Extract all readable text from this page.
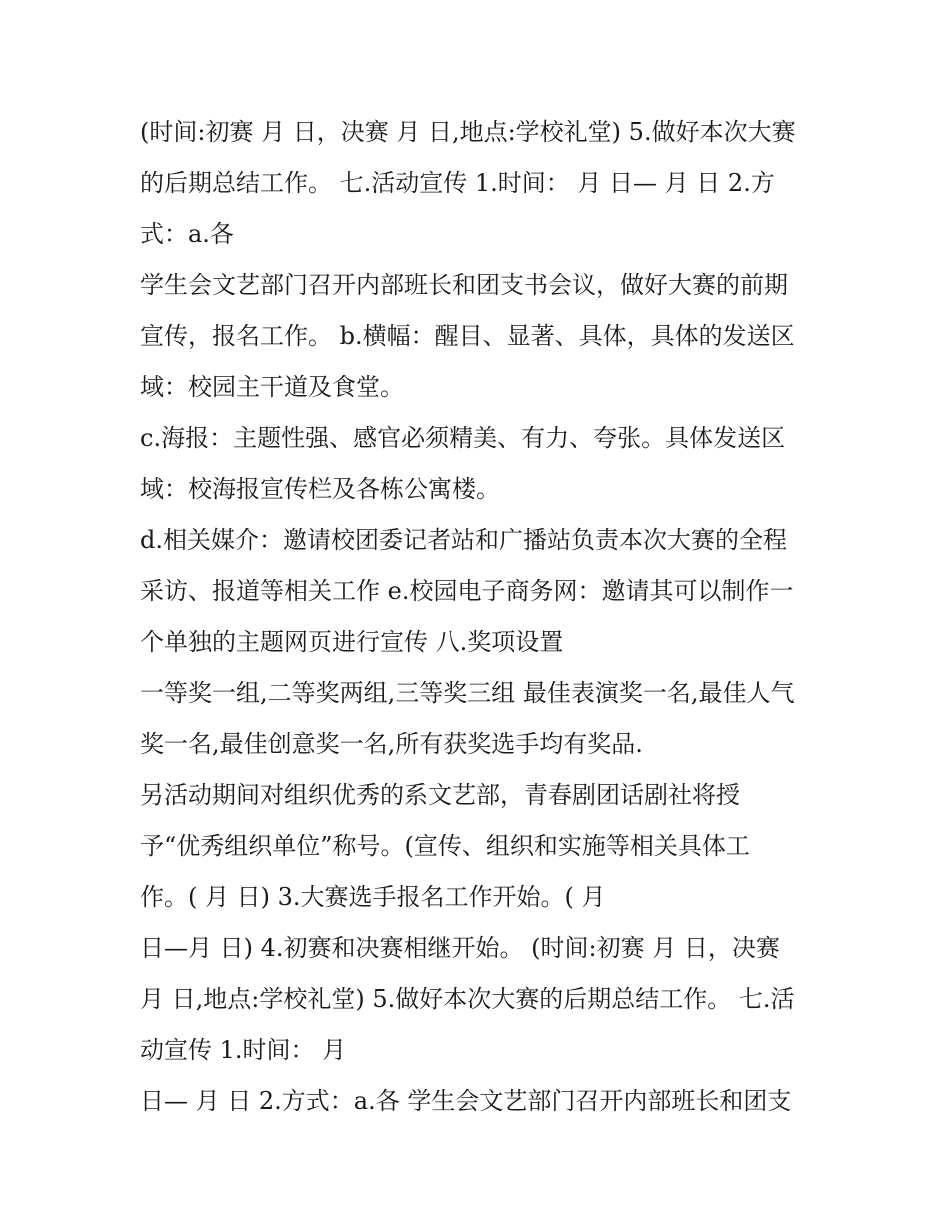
(时间:初赛 月 日，决赛 月 日,地点:学校礼堂) 5.做好本次大赛
的后期总结工作。 七.活动宣传 1.时间： 月 日— 月 日 2.方
式：a.各
学生会文艺部门召开内部班长和团支书会议，做好大赛的前期
宣传，报名工作。 b.横幅：醒目、显著、具体，具体的发送区
域：校园主干道及食堂。
c.海报：主题性强、感官必须精美、有力、夸张。具体发送区
域：校海报宣传栏及各栋公寓楼。
d.相关媒介：邀请校团委记者站和广播站负责本次大赛的全程
采访、报道等相关工作 e.校园电子商务网：邀请其可以制作一
个单独的主题网页进行宣传 八.奖项设置
一等奖一组,二等奖两组,三等奖三组 最佳表演奖一名,最佳人气
奖一名,最佳创意奖一名,所有获奖选手均有奖品.
另活动期间对组织优秀的系文艺部，青春剧团话剧社将授
予“优秀组织单位”称号。(宣传、组织和实施等相关具体工
作。( 月 日) 3.大赛选手报名工作开始。( 月
日—月 日) 4.初赛和决赛相继开始。 (时间:初赛 月 日，决赛
月 日,地点:学校礼堂) 5.做好本次大赛的后期总结工作。 七.活
动宣传 1.时间： 月
日— 月 日 2.方式：a.各 学生会文艺部门召开内部班长和团支
